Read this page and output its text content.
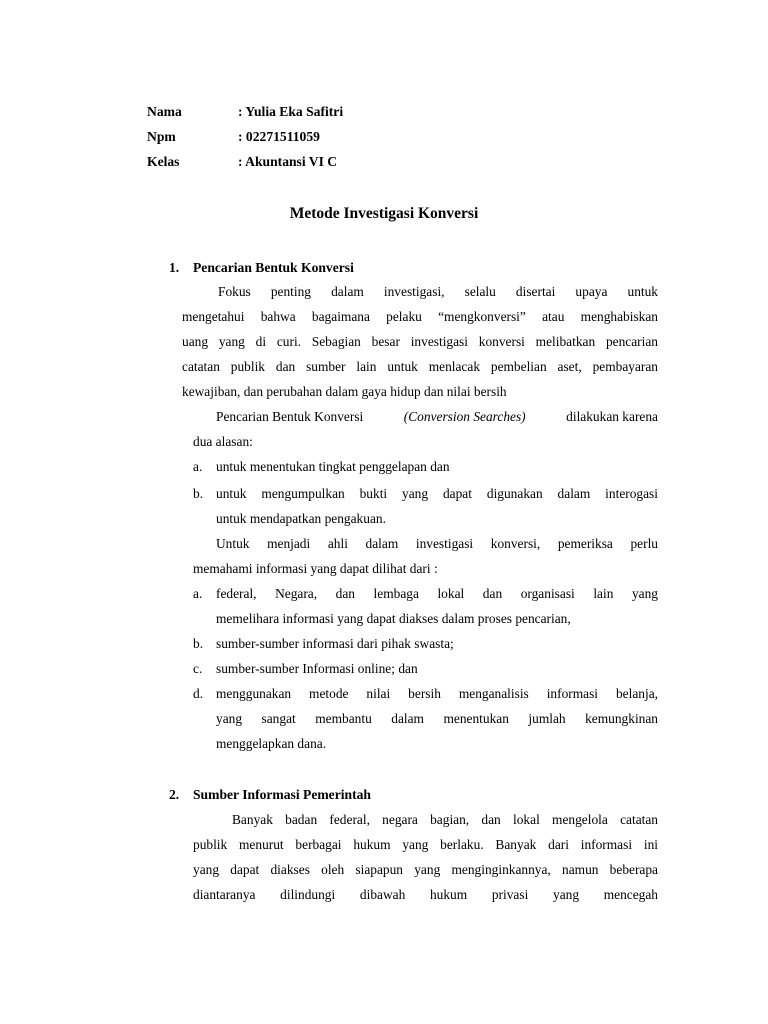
Nama	: Yulia Eka Safitri
Npm	: 02271511059
Kelas	: Akuntansi VI C
Metode Investigasi Konversi
1. Pencarian Bentuk Konversi
Fokus penting dalam investigasi, selalu disertai upaya untuk
mengetahui bahwa bagaimana pelaku “mengkonversi” atau menghabiskan
uang yang di curi. Sebagian besar investigasi konversi melibatkan pencarian
catatan publik dan sumber lain untuk menlacak pembelian aset, pembayaran
kewajiban, dan perubahan dalam gaya hidup dan nilai bersih
Pencarian Bentuk Konversi	(Conversion Searches)	dilakukan karena
dua alasan:
a. untuk menentukan tingkat penggelapan dan
b. untuk mengumpulkan bukti yang dapat digunakan dalam interogasi
untuk mendapatkan pengakuan.
Untuk menjadi ahli dalam investigasi konversi, pemeriksa perlu
memahami informasi yang dapat dilihat dari :
a. federal, Negara, dan lembaga lokal dan organisasi lain yang
memelihara informasi yang dapat diakses dalam proses pencarian,
b. sumber-sumber informasi dari pihak swasta;
c. sumber-sumber Informasi online; dan
d. menggunakan metode nilai bersih menganalisis informasi belanja,
yang sangat membantu dalam menentukan jumlah kemungkinan
menggelapkan dana.
2. Sumber Informasi Pemerintah
Banyak badan federal, negara bagian, dan lokal mengelola catatan
publik menurut berbagai hukum yang berlaku. Banyak dari informasi ini
yang dapat diakses oleh siapapun yang menginginkannya, namun beberapa
diantaranya dilindungi dibawah hukum privasi yang mencegah
